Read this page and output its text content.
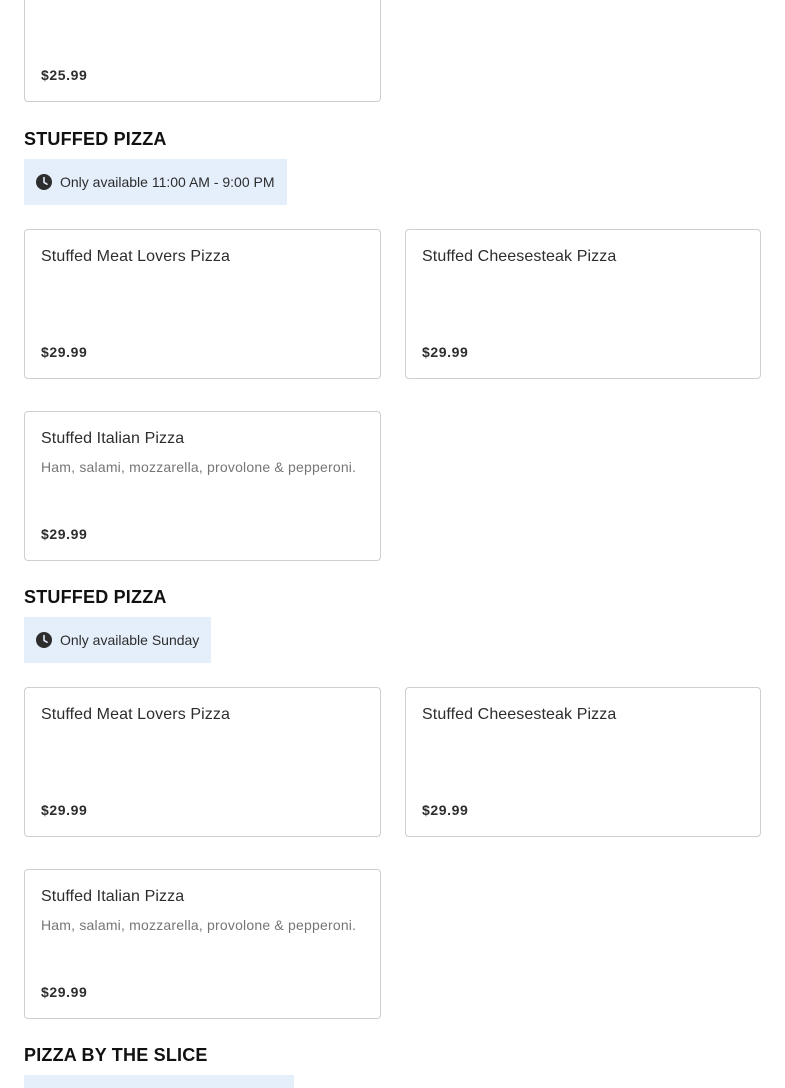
$25.99
STUFFED PIZZA
Only available 11:00 AM - 9:00 PM
Stuffed Meat Lovers Pizza
$29.99
Stuffed Cheesesteak Pizza
$29.99
Stuffed Italian Pizza
Ham, salami, mozzarella, provolone & pepperoni.
$29.99
STUFFED PIZZA
Only available Sunday
Stuffed Meat Lovers Pizza
$29.99
Stuffed Cheesesteak Pizza
$29.99
Stuffed Italian Pizza
Ham, salami, mozzarella, provolone & pepperoni.
$29.99
PIZZA BY THE SLICE
